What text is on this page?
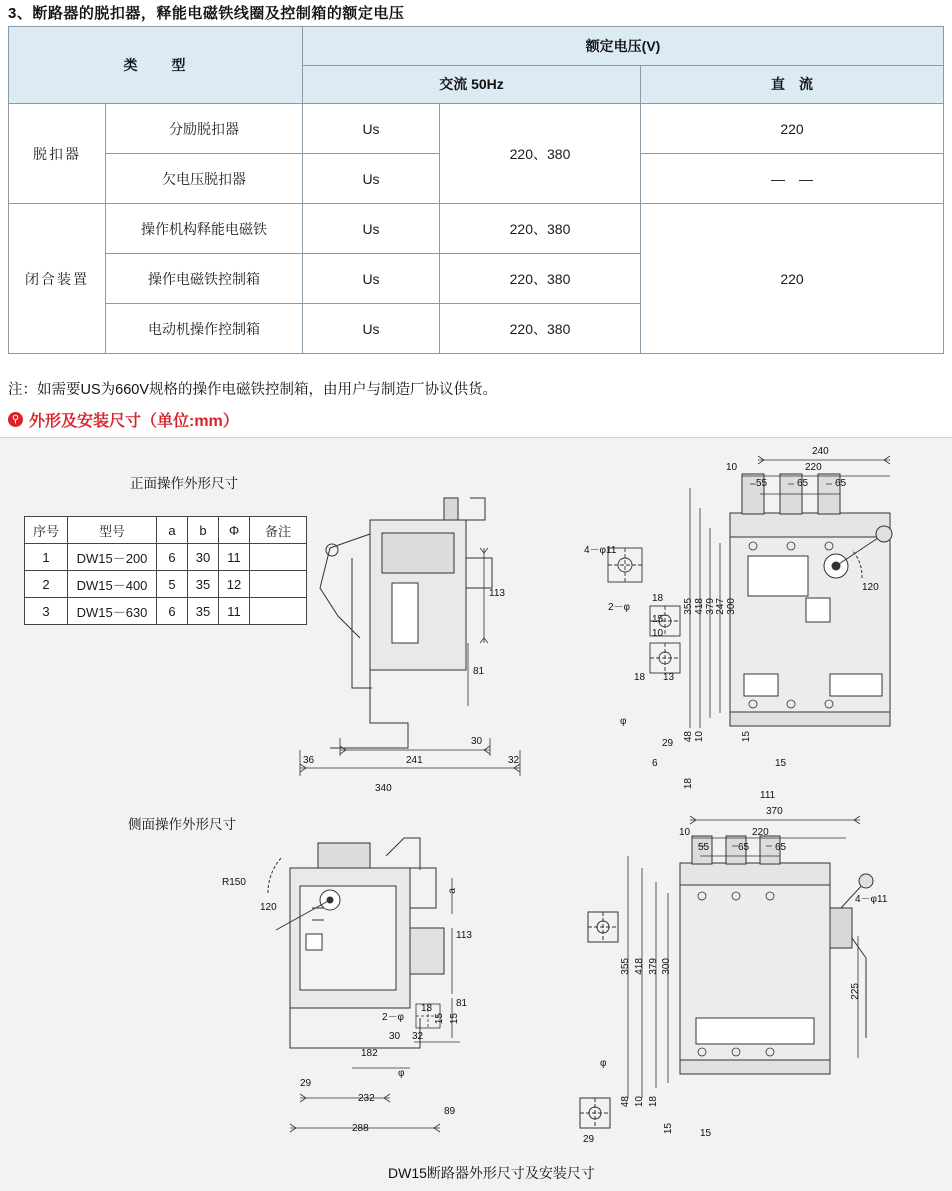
3、断路器的脱扣器，释能电磁铁线圈及控制箱的额定电压
类　　型		额定电压(V)		
		交流 50Hz		直　流
脱扣器	分励脱扣器	Us	220、380	220
	欠电压脱扣器	Us		—　—
闭合装置	操作机构释能电磁铁	Us	220、380	220
	操作电磁铁控制箱	Us	220、380	
	电动机操作控制箱	Us	220、380	
注：如需要US为660V规格的操作电磁铁控制箱，由用户与制造厂协议供货。
⚲ 外形及安装尺寸（单位:mm）
正面操作外形尺寸
侧面操作外形尺寸
DW15断路器外形尺寸及安装尺寸
序号	型号	a	b	Φ	备注
1	DW15－200	6	30	11	
2	DW15－400	5	35	12	
3	DW15－630	6	35	11	
113
81
36	241
30
32
340
240
220
10
55	65	65
4－φ11
2－φ
18
15
10
18 13
φ
355 418 379 247 300
120
29
6
48 10	15
15
18
111
R150
120
a
113
81
2－φ
18
15 15
30 32
182
232
φ
288
89
29
370
220
10
55	65	65
4－φ11
355 418 379 300
225
φ
48 10 18
15	15
29
